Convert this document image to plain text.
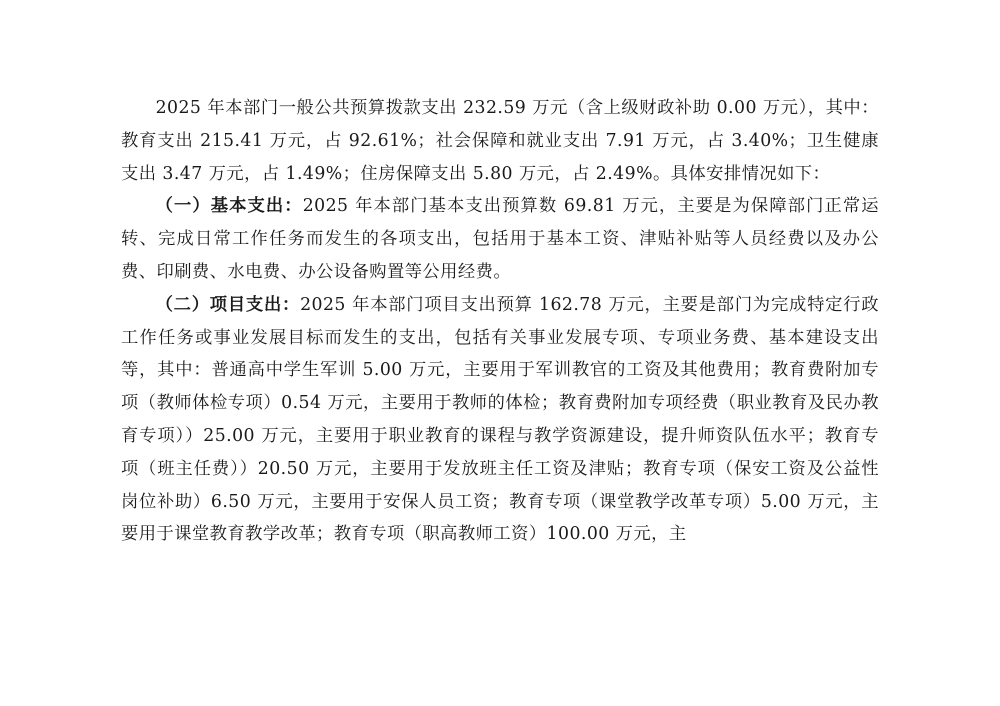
2025 年本部门一般公共预算拨款支出 232.59 万元（含上级财政补助 0.00 万元），其中：教育支出 215.41 万元，占 92.61%；社会保障和就业支出 7.91 万元，占 3.40%；卫生健康支出 3.47 万元，占 1.49%；住房保障支出 5.80 万元，占 2.49%。具体安排情况如下：

（一）基本支出：2025 年本部门基本支出预算数 69.81 万元，主要是为保障部门正常运转、完成日常工作任务而发生的各项支出，包括用于基本工资、津贴补贴等人员经费以及办公费、印刷费、水电费、办公设备购置等公用经费。

（二）项目支出：2025 年本部门项目支出预算 162.78 万元，主要是部门为完成特定行政工作任务或事业发展目标而发生的支出，包括有关事业发展专项、专项业务费、基本建设支出等，其中：普通高中学生军训 5.00 万元，主要用于军训教官的工资及其他费用；教育费附加专项（教师体检专项）0.54 万元，主要用于教师的体检；教育费附加专项经费（职业教育及民办教育专项））25.00 万元，主要用于职业教育的课程与教学资源建设，提升师资队伍水平；教育专项（班主任费））20.50 万元，主要用于发放班主任工资及津贴；教育专项（保安工资及公益性岗位补助）6.50 万元，主要用于安保人员工资；教育专项（课堂教学改革专项）5.00 万元，主要用于课堂教育教学改革；教育专项（职高教师工资）100.00 万元，主
